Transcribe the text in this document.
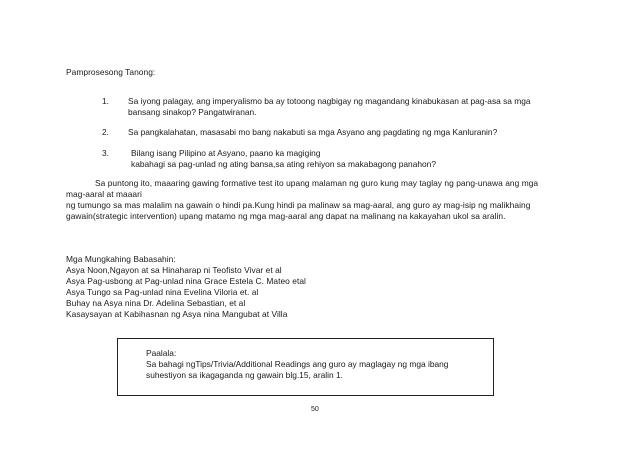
Pamprosesong Tanong:
1. Sa iyong palagay, ang imperyalismo ba ay totoong nagbigay ng magandang kinabukasan at pag-asa sa mga
bansang sinakop? Pangatwiranan.
2. Sa pangkalahatan, masasabi mo bang nakabuti sa mga Asyano ang pagdating ng mga Kanluranin?
3.	Bilang isang Pilipino at Asyano, paano ka magiging
kabahagi sa pag-unlad ng ating bansa,sa ating rehiyon sa makabagong panahon?
Sa puntong ito, maaaring gawing formative test ito upang malaman ng guro kung may taglay ng pang-unawa ang mga
mag-aaral at maaari
ng tumungo sa mas malalim na gawain o hindi pa.Kung hindi pa malinaw sa mag-aaral, ang guro ay mag-isip ng malikhaing
gawain(strategic intervention) upang matamo ng mga mag-aaral ang dapat na malinang na kakayahan ukol sa aralin.
Mga Mungkahing Babasahin:
Asya Noon,Ngayon at sa Hinaharap ni Teofisto Vivar et al
Asya Pag-usbong at Pag-unlad nina Grace Estela C. Mateo etal
Asya Tungo sa Pag-unlad nina Evelina Viloria et. al
Buhay na Asya nina Dr. Adelina Sebastian, et al
Kasaysayan at Kabihasnan ng Asya nina Mangubat at Villa
Paalala:
Sa bahagi ngTips/Trivia/Additional Readings ang guro ay maglagay ng mga ibang
suhestiyon sa ikagaganda ng gawain blg.15, aralin 1.
50
